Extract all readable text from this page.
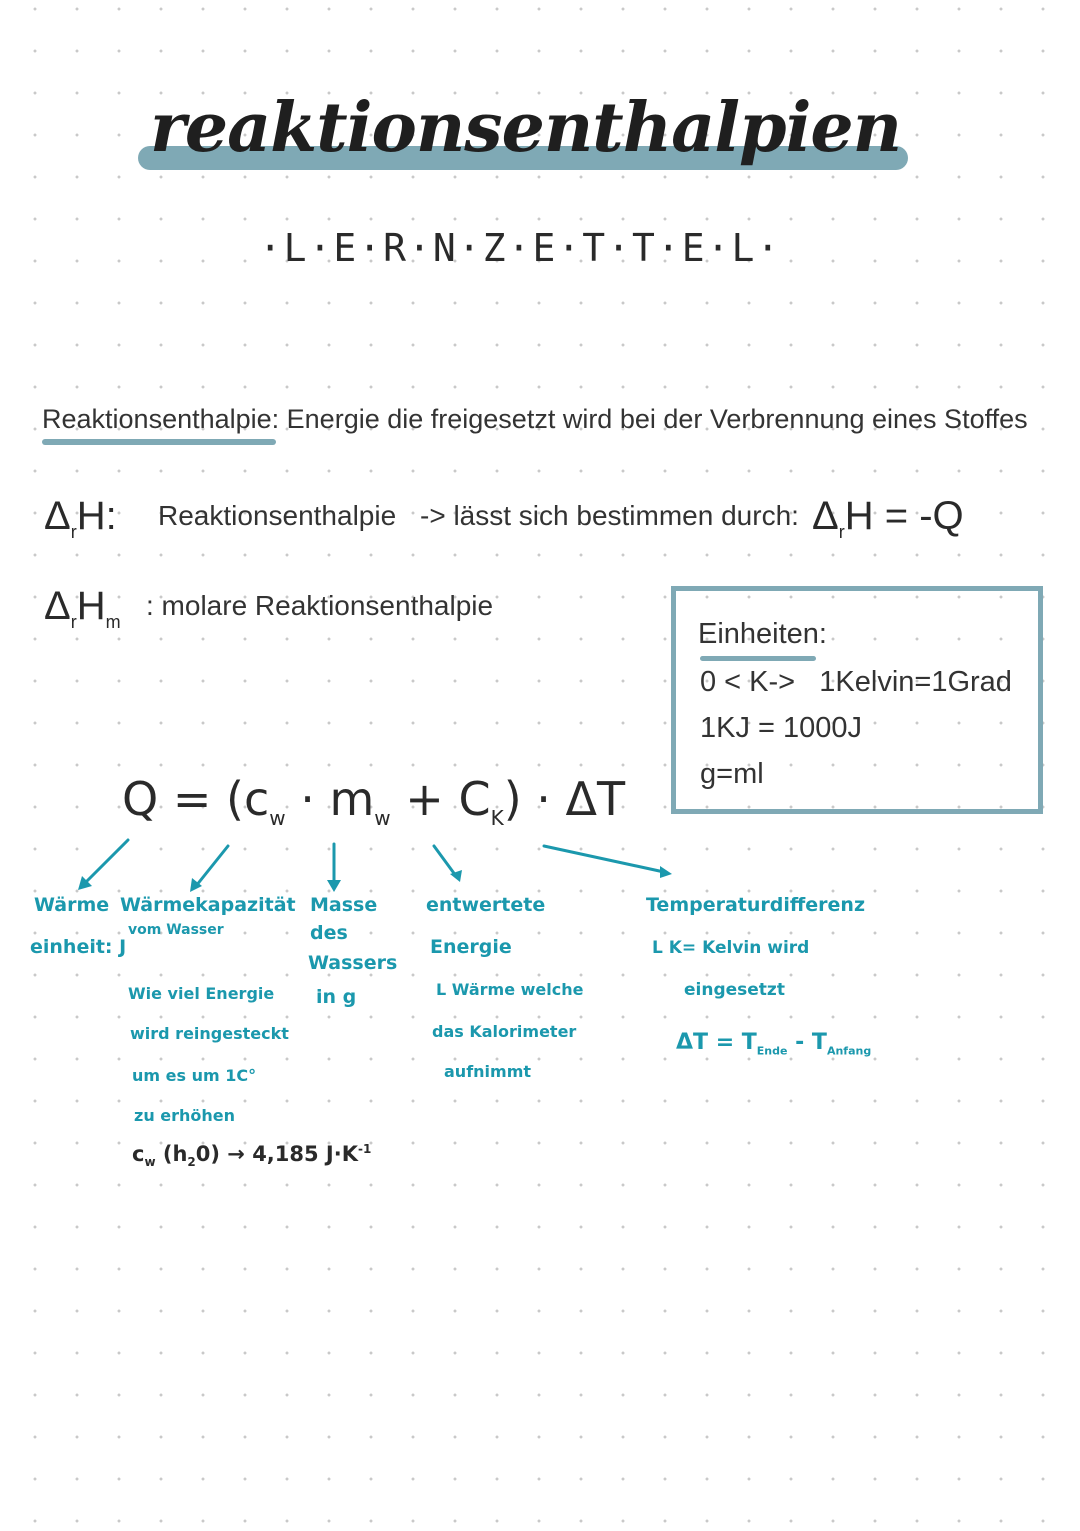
reaktionsenthalpien
·L·E·R·N·Z·E·T·T·E·L·
Reaktionsenthalpie: Energie die freigesetzt wird bei der Verbrennung eines Stoffes
$\Delta_rH$: Reaktionsenthalpie -> lässt sich bestimmen durch: $\Delta_rH = -Q$
$\Delta_rH_m$
: molare Reaktionsenthalpie
Einheiten:
0 < K->   1Kelvin=1Grad
1KJ = 1000J
g=ml
$Q = (c_w \cdot m_w + C_K) \cdot \Delta T$
Wärme
einheit: J
Wärmekapazität
vom Wasser
Wie viel Energie
wird reingesteckt
um es um 1C°
zu erhöhen
$c_w$ $(h_20) \to 4,185$ $J\cdot K^{-1}$
Masse
des
Wassers
in g
entwertete
Energie
L Wärme welche
das Kalorimeter
aufnimmt
Temperaturdifferenz
L K= Kelvin wird
eingesetzt
$\Delta T = T_{Ende} - T_{Anfang}$
